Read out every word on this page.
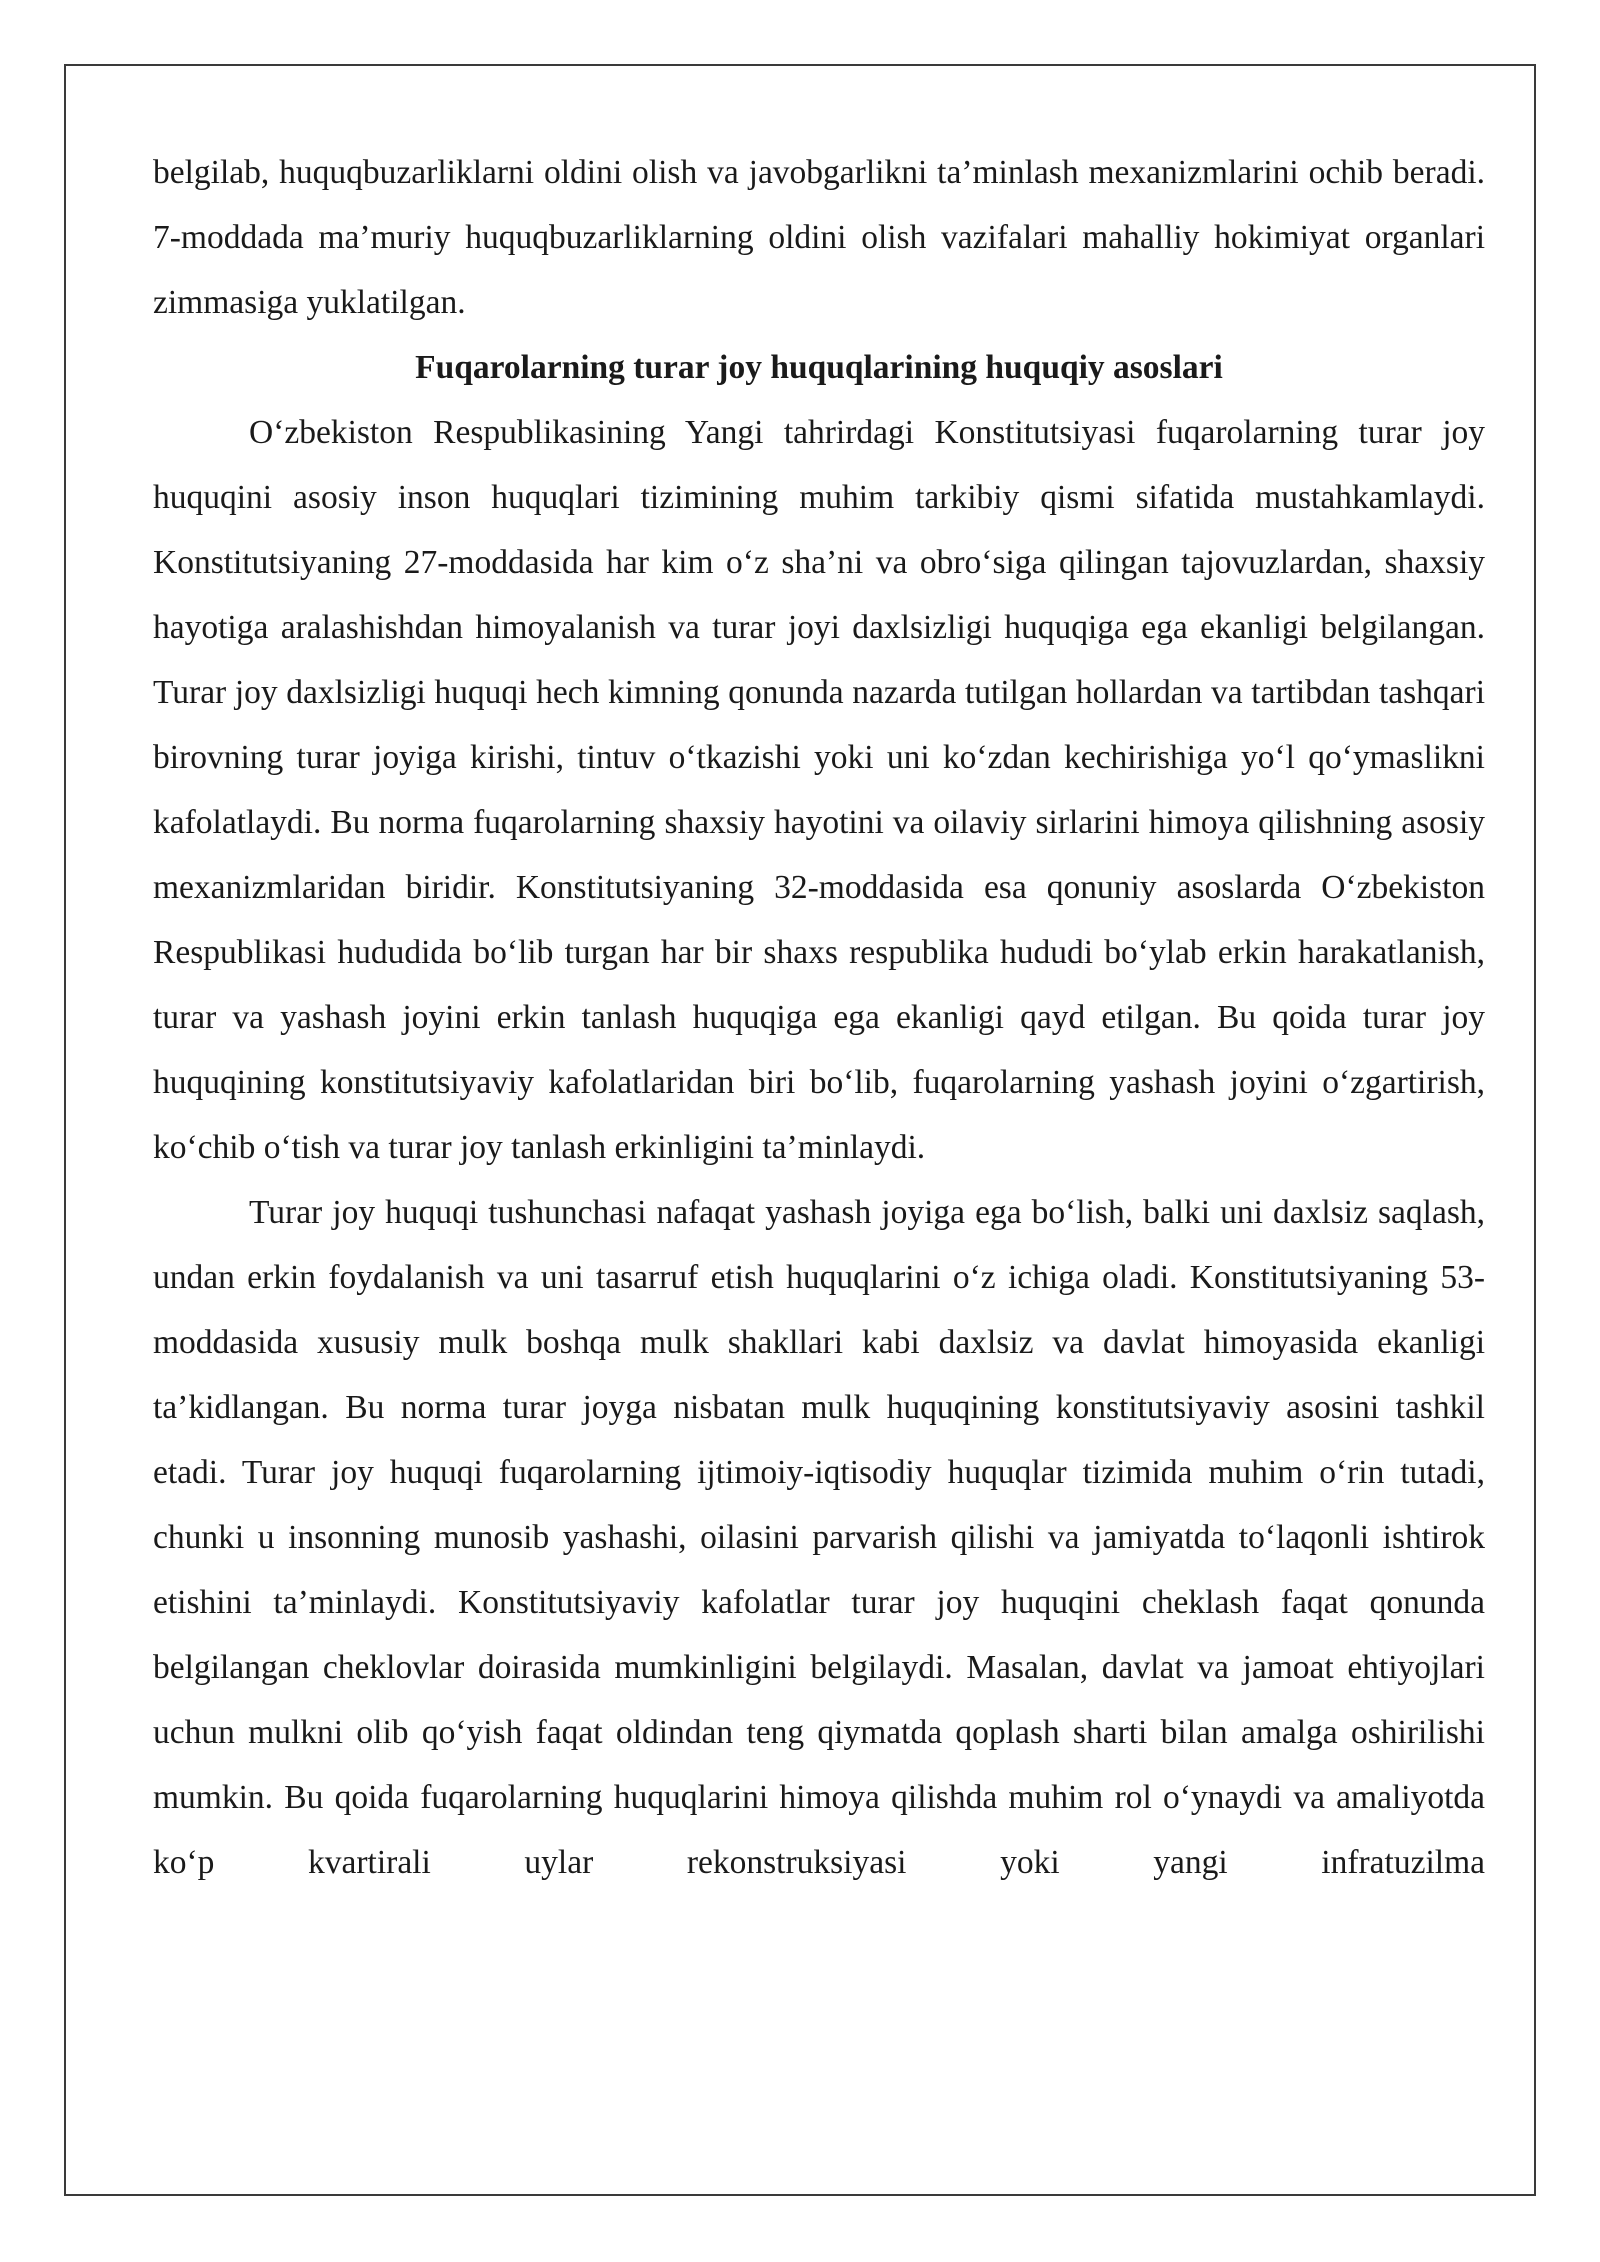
belgilab, huquqbuzarliklarni oldini olish va javobgarlikni ta’minlash mexanizmlarini ochib beradi. 7-moddada ma’muriy huquqbuzarliklarning oldini olish vazifalari mahalliy hokimiyat organlari zimmasiga yuklatilgan.

Fuqarolarning turar joy huquqlarining huquqiy asoslari

O‘zbekiston Respublikasining Yangi tahrirdagi Konstitutsiyasi fuqarolarning turar joy huquqini asosiy inson huquqlari tizimining muhim tarkibiy qismi sifatida mustahkamlaydi. Konstitutsiyaning 27-moddasida har kim o‘z sha’ni va obro‘siga qilingan tajovuzlardan, shaxsiy hayotiga aralashishdan himoyalanish va turar joyi daxlsizligi huquqiga ega ekanligi belgilangan. Turar joy daxlsizligi huquqi hech kimning qonunda nazarda tutilgan hollardan va tartibdan tashqari birovning turar joyiga kirishi, tintuv o‘tkazishi yoki uni ko‘zdan kechirishiga yo‘l qo‘ymaslikni kafolatlaydi. Bu norma fuqarolarning shaxsiy hayotini va oilaviy sirlarini himoya qilishning asosiy mexanizmlaridan biridir. Konstitutsiyaning 32-moddasida esa qonuniy asoslarda O‘zbekiston Respublikasi hududida bo‘lib turgan har bir shaxs respublika hududi bo‘ylab erkin harakatlanish, turar va yashash joyini erkin tanlash huquqiga ega ekanligi qayd etilgan. Bu qoida turar joy huquqining konstitutsiyaviy kafolatlaridan biri bo‘lib, fuqarolarning yashash joyini o‘zgartirish, ko‘chib o‘tish va turar joy tanlash erkinligini ta’minlaydi.

Turar joy huquqi tushunchasi nafaqat yashash joyiga ega bo‘lish, balki uni daxlsiz saqlash, undan erkin foydalanish va uni tasarruf etish huquqlarini o‘z ichiga oladi. Konstitutsiyaning 53-moddasida xususiy mulk boshqa mulk shakllari kabi daxlsiz va davlat himoyasida ekanligi ta’kidlangan. Bu norma turar joyga nisbatan mulk huquqining konstitutsiyaviy asosini tashkil etadi. Turar joy huquqi fuqarolarning ijtimoiy-iqtisodiy huquqlar tizimida muhim o‘rin tutadi, chunki u insonning munosib yashashi, oilasini parvarish qilishi va jamiyatda to‘laqonli ishtirok etishini ta’minlaydi. Konstitutsiyaviy kafolatlar turar joy huquqini cheklash faqat qonunda belgilangan cheklovlar doirasida mumkinligini belgilaydi. Masalan, davlat va jamoat ehtiyojlari uchun mulkni olib qo‘yish faqat oldindan teng qiymatda qoplash sharti bilan amalga oshirilishi mumkin. Bu qoida fuqarolarning huquqlarini himoya qilishda muhim rol o‘ynaydi va amaliyotda ko‘p kvartirali uylar rekonstruksiyasi yoki yangi infratuzilma
